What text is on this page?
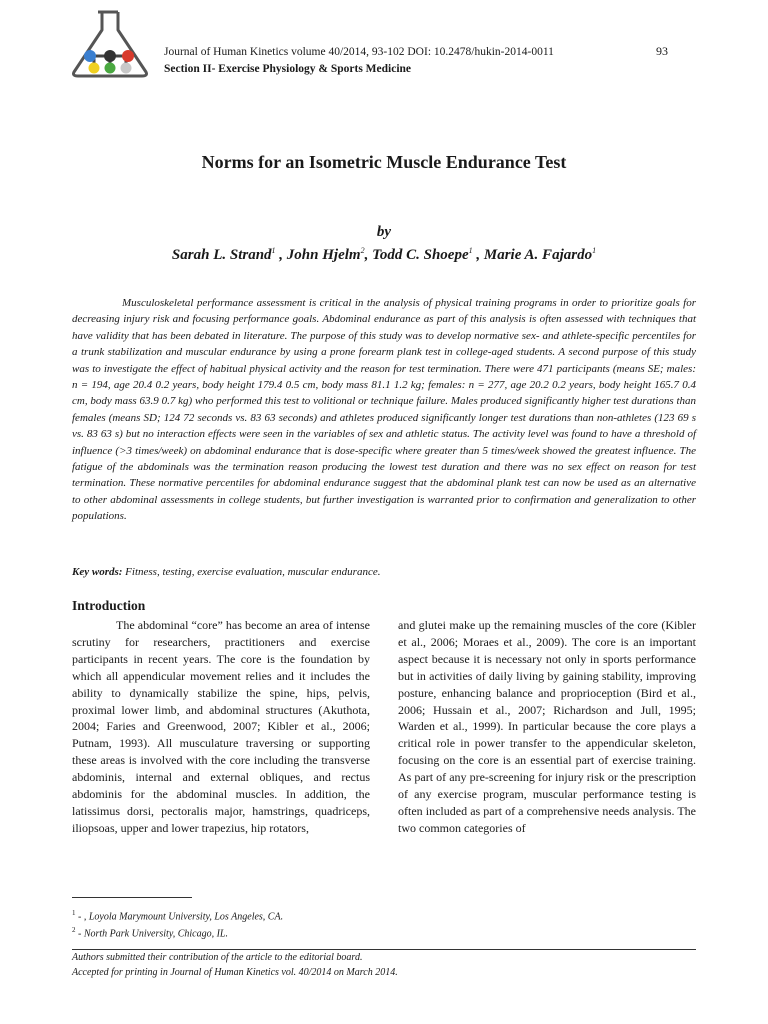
Journal of Human Kinetics volume 40/2014, 93-102 DOI: 10.2478/hukin-2014-0011
Section II- Exercise Physiology & Sports Medicine
93
Norms for an Isometric Muscle Endurance Test
by
Sarah L. Strand$^1$ , John Hjelm$^2$, Todd C. Shoepe$^1$ , Marie A. Fajardo$^1$

Musculoskeletal performance assessment is critical in the analysis of physical training programs in order to prioritize goals for decreasing injury risk and focusing performance goals. Abdominal endurance as part of this analysis is often assessed with techniques that have validity that has been debated in literature. The purpose of this study was to develop normative sex- and athlete-specific percentiles for a trunk stabilization and muscular endurance by using a prone forearm plank test in college-aged students. A second purpose of this study was to investigate the effect of habitual physical activity and the reason for test termination. There were 471 participants (means SE; males: n = 194, age 20.4 0.2 years, body height 179.4 0.5 cm, body mass 81.1 1.2 kg; females: n = 277, age 20.2 0.2 years, body height 165.7 0.4 cm, body mass 63.9 0.7 kg) who performed this test to volitional or technique failure. Males produced significantly higher test durations than females (means SD; 124 72 seconds vs. 83 63 seconds) and athletes produced significantly longer test durations than non-athletes (123 69 s vs. 83 63 s) but no interaction effects were seen in the variables of sex and athletic status. The activity level was found to have a threshold of influence (>3 times/week) on abdominal endurance that is dose-specific where greater than 5 times/week showed the greatest influence. The fatigue of the abdominals was the termination reason producing the lowest test duration and there was no sex effect on reason for test termination. These normative percentiles for abdominal endurance suggest that the abdominal plank test can now be used as an alternative to other abdominal assessments in college students, but further investigation is warranted prior to confirmation and generalization to other populations.

Key words: Fitness, testing, exercise evaluation, muscular endurance.
Introduction

The abdominal “core” has become an area of intense scrutiny for researchers, practitioners and exercise participants in recent years. The core is the foundation by which all appendicular movement relies and it includes the ability to dynamically stabilize the spine, hips, pelvis, proximal lower limb, and abdominal structures (Akuthota, 2004; Faries and Greenwood, 2007; Kibler et al., 2006; Putnam, 1993). All musculature traversing or supporting these areas is involved with the core including the transverse abdominis, internal and external obliques, and rectus abdominis for the abdominal muscles. In addition, the latissimus dorsi, pectoralis major, hamstrings, quadriceps, iliopsoas, upper and lower trapezius, hip rotators,

and glutei make up the remaining muscles of the core (Kibler et al., 2006; Moraes et al., 2009). The core is an important aspect because it is necessary not only in sports performance but in activities of daily living by gaining stability, improving posture, enhancing balance and proprioception (Bird et al., 2006; Hussain et al., 2007; Richardson and Jull, 1995; Warden et al., 1999). In particular because the core plays a critical role in power transfer to the appendicular skeleton, focusing on the core is an essential part of exercise training. As part of any pre-screening for injury risk or the prescription of any exercise program, muscular performance testing is often included as part of a comprehensive needs analysis. The two common categories of

$^1$ - , Loyola Marymount University, Los Angeles, CA.
$^2$ - North Park University, Chicago, IL.
Authors submitted their contribution of the article to the editorial board.
Accepted for printing in Journal of Human Kinetics vol. 40/2014 on March 2014.
